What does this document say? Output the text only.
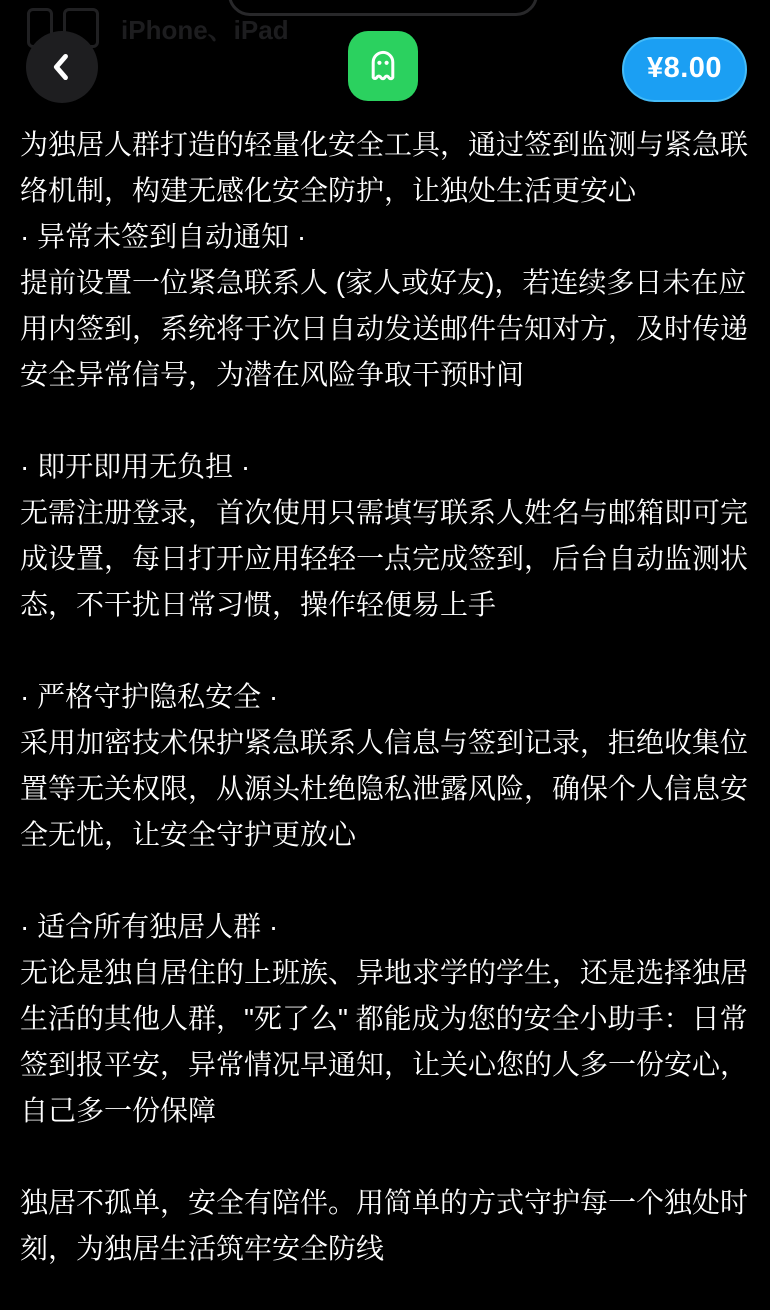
iPhone、iPad
¥8.00

为独居人群打造的轻量化安全工具，通过签到监测与紧急联络机制，构建无感化安全防护，让独处生活更安心

· 异常未签到自动通知 ·

提前设置一位紧急联系人 (家人或好友)，若连续多日未在应用内签到，系统将于次日自动发送邮件告知对方，及时传递安全异常信号，为潜在风险争取干预时间

· 即开即用无负担 ·

无需注册登录，首次使用只需填写联系人姓名与邮箱即可完成设置，每日打开应用轻轻一点完成签到，后台自动监测状态，不干扰日常习惯，操作轻便易上手

· 严格守护隐私安全 ·

采用加密技术保护紧急联系人信息与签到记录，拒绝收集位置等无关权限，从源头杜绝隐私泄露风险，确保个人信息安全无忧，让安全守护更放心

· 适合所有独居人群 ·

无论是独自居住的上班族、异地求学的学生，还是选择独居生活的其他人群，"死了么" 都能成为您的安全小助手：日常签到报平安，异常情况早通知，让关心您的人多一份安心，自己多一份保障

独居不孤单，安全有陪伴。用简单的方式守护每一个独处时刻，为独居生活筑牢安全防线
